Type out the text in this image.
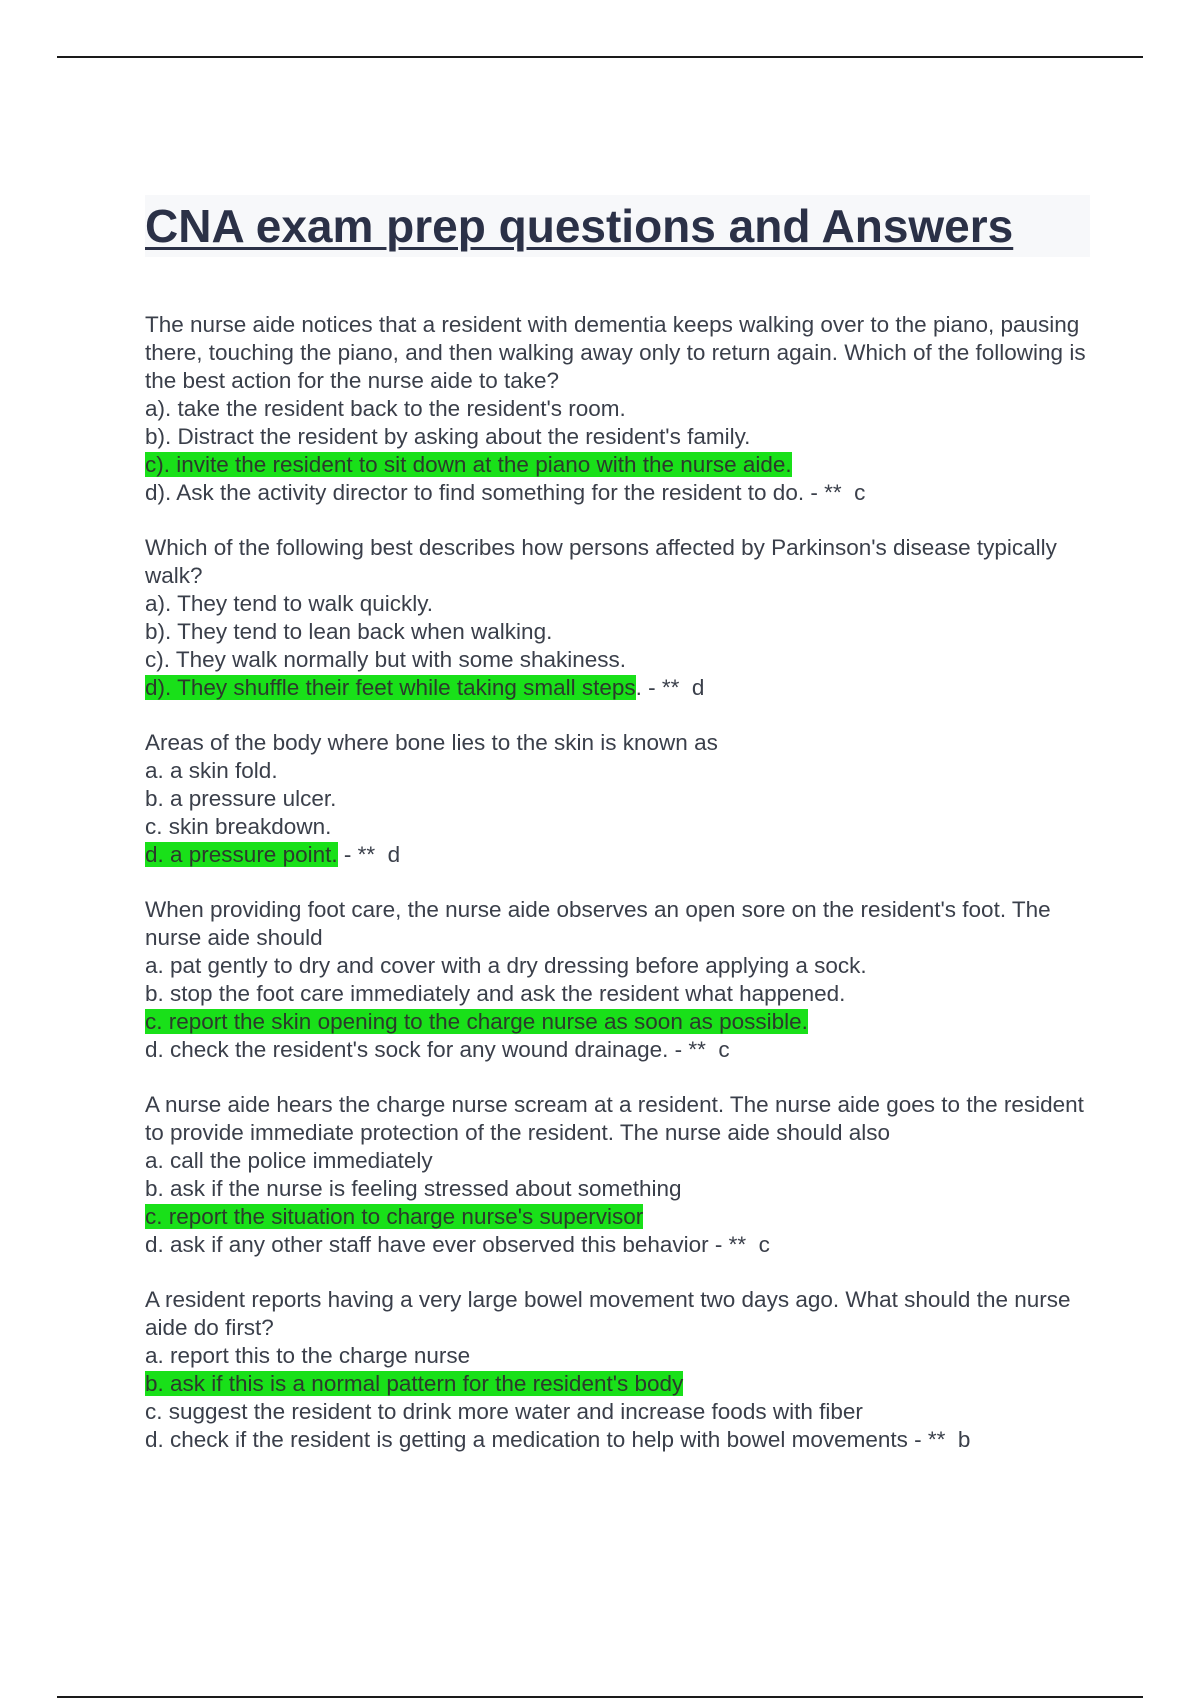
CNA exam prep questions and Answers

The nurse aide notices that a resident with dementia keeps walking over to the piano, pausing there, touching the piano, and then walking away only to return again. Which of the following is the best action for the nurse aide to take?

a). take the resident back to the resident's room.
b). Distract the resident by asking about the resident's family.
c). invite the resident to sit down at the piano with the nurse aide.
d). Ask the activity director to find something for the resident to do. - **  c

Which of the following best describes how persons affected by Parkinson's disease typically walk?

a). They tend to walk quickly.
b). They tend to lean back when walking.
c). They walk normally but with some shakiness.
d). They shuffle their feet while taking small steps. - **  d

Areas of the body where bone lies to the skin is known as

a. a skin fold.
b. a pressure ulcer.
c. skin breakdown.
d. a pressure point. - **  d

When providing foot care, the nurse aide observes an open sore on the resident's foot. The nurse aide should

a. pat gently to dry and cover with a dry dressing before applying a sock.
b. stop the foot care immediately and ask the resident what happened.
c. report the skin opening to the charge nurse as soon as possible.
d. check the resident's sock for any wound drainage. - **  c

A nurse aide hears the charge nurse scream at a resident. The nurse aide goes to the resident to provide immediate protection of the resident. The nurse aide should also

a. call the police immediately
b. ask if the nurse is feeling stressed about something
c. report the situation to charge nurse's supervisor
d. ask if any other staff have ever observed this behavior - **  c

A resident reports having a very large bowel movement two days ago. What should the nurse aide do first?

a. report this to the charge nurse
b. ask if this is a normal pattern for the resident's body
c. suggest the resident to drink more water and increase foods with fiber
d. check if the resident is getting a medication to help with bowel movements - **  b
